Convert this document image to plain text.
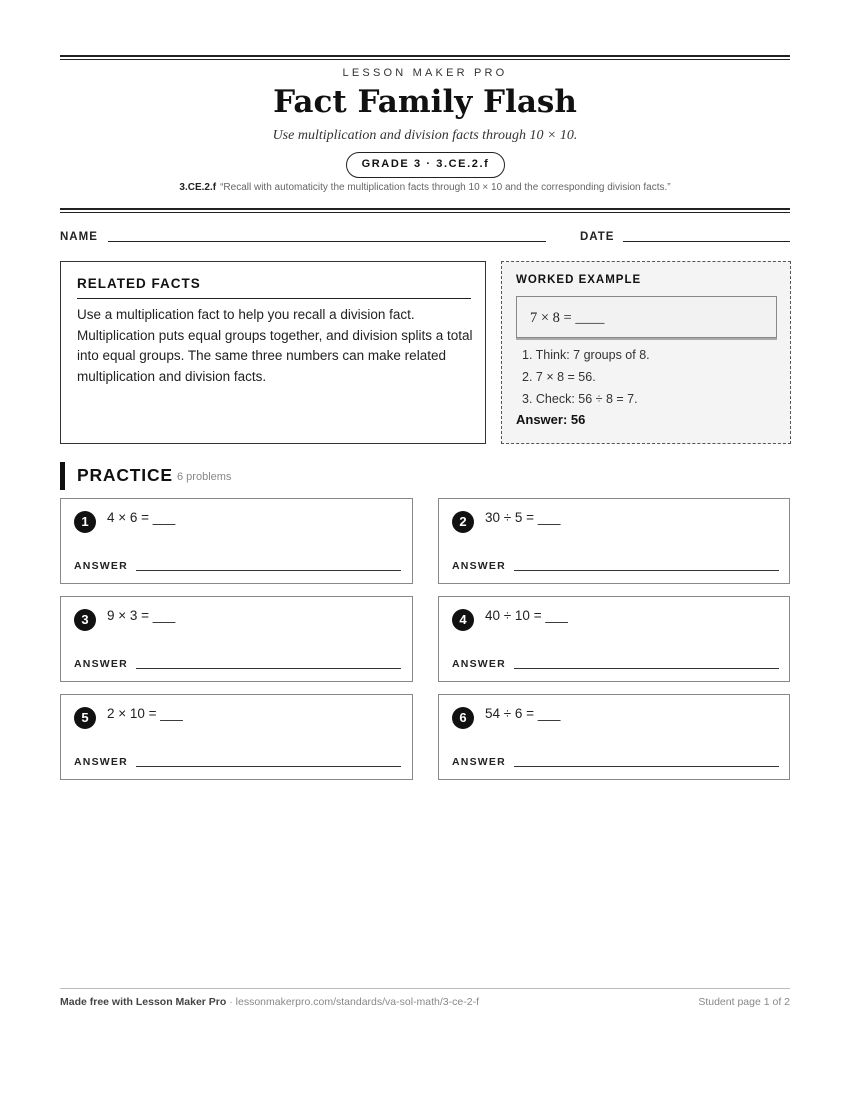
LESSON MAKER PRO
Fact Family Flash
Use multiplication and division facts through 10 × 10.
GRADE 3 · 3.CE.2.f
3.CE.2.f “Recall with automaticity the multiplication facts through 10 × 10 and the corresponding division facts.”
NAME	DATE
RELATED FACTS
Use a multiplication fact to help you recall a division fact. Multiplication puts equal groups together, and division splits a total into equal groups. The same three numbers can make related multiplication and division facts.
WORKED EXAMPLE
7 × 8 = ____
1. Think: 7 groups of 8.
2. 7 × 8 = 56.
3. Check: 56 ÷ 8 = 7.
Answer: 56
PRACTICE 6 problems
1	4 × 6 = ___
ANSWER
2	30 ÷ 5 = ___
ANSWER
3	9 × 3 = ___
ANSWER
4	40 ÷ 10 = ___
ANSWER
5	2 × 10 = ___
ANSWER
6	54 ÷ 6 = ___
ANSWER
Made free with Lesson Maker Pro · lessonmakerpro.com/standards/va-sol-math/3-ce-2-f	Student page 1 of 2
